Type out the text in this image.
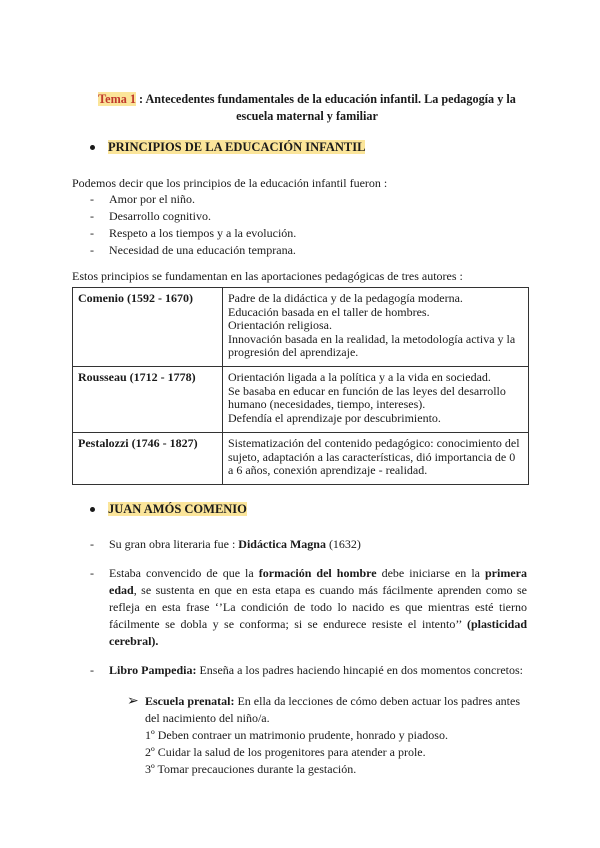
Tema 1 : Antecedentes fundamentales de la educación infantil. La pedagogía y la
escuela maternal y familiar
PRINCIPIOS DE LA EDUCACIÓN INFANTIL
Podemos decir que los principios de la educación infantil fueron :
- Amor por el niño.
- Desarrollo cognitivo.
- Respeto a los tiempos y a la evolución.
- Necesidad de una educación temprana.
Estos principios se fundamentan en las aportaciones pedagógicas de tres autores :
Comenio (1592 - 1670)	Padre de la didáctica y de la pedagogía moderna.

Educación basada en el taller de hombres.

Orientación religiosa.

Innovación basada en la realidad, la metodología activa y la progresión del aprendizaje.

Rousseau (1712 - 1778)	Orientación ligada a la política y a la vida en sociedad.

Se basaba en educar en función de las leyes del desarrollo humano (necesidades, tiempo, intereses).

Defendía el aprendizaje por descubrimiento.

Pestalozzi (1746 - 1827)	Sistematización del contenido pedagógico: conocimiento del sujeto, adaptación a las características, dió importancia de 0 a 6 años, conexión aprendizaje - realidad.

JUAN AMÓS COMENIO
- Su gran obra literaria fue : Didáctica Magna (1632)
- Estaba convencido de que la formación del hombre debe iniciarse en la primera edad, se sustenta en que en esta etapa es cuando más fácilmente aprenden como se refleja en esta frase ‘’La condición de todo lo nacido es que mientras esté tierno fácilmente se dobla y se conforma; si se endurece resiste el intento’’ (plasticidad cerebral).
- Libro Pampedia: Enseña a los padres haciendo hincapié en dos momentos concretos:
➢ Escuela prenatal: En ella da lecciones de cómo deben actuar los padres antes del nacimiento del niño/a.
1º Deben contraer un matrimonio prudente, honrado y piadoso.
2º Cuidar la salud de los progenitores para atender a prole.
3º Tomar precauciones durante la gestación.
